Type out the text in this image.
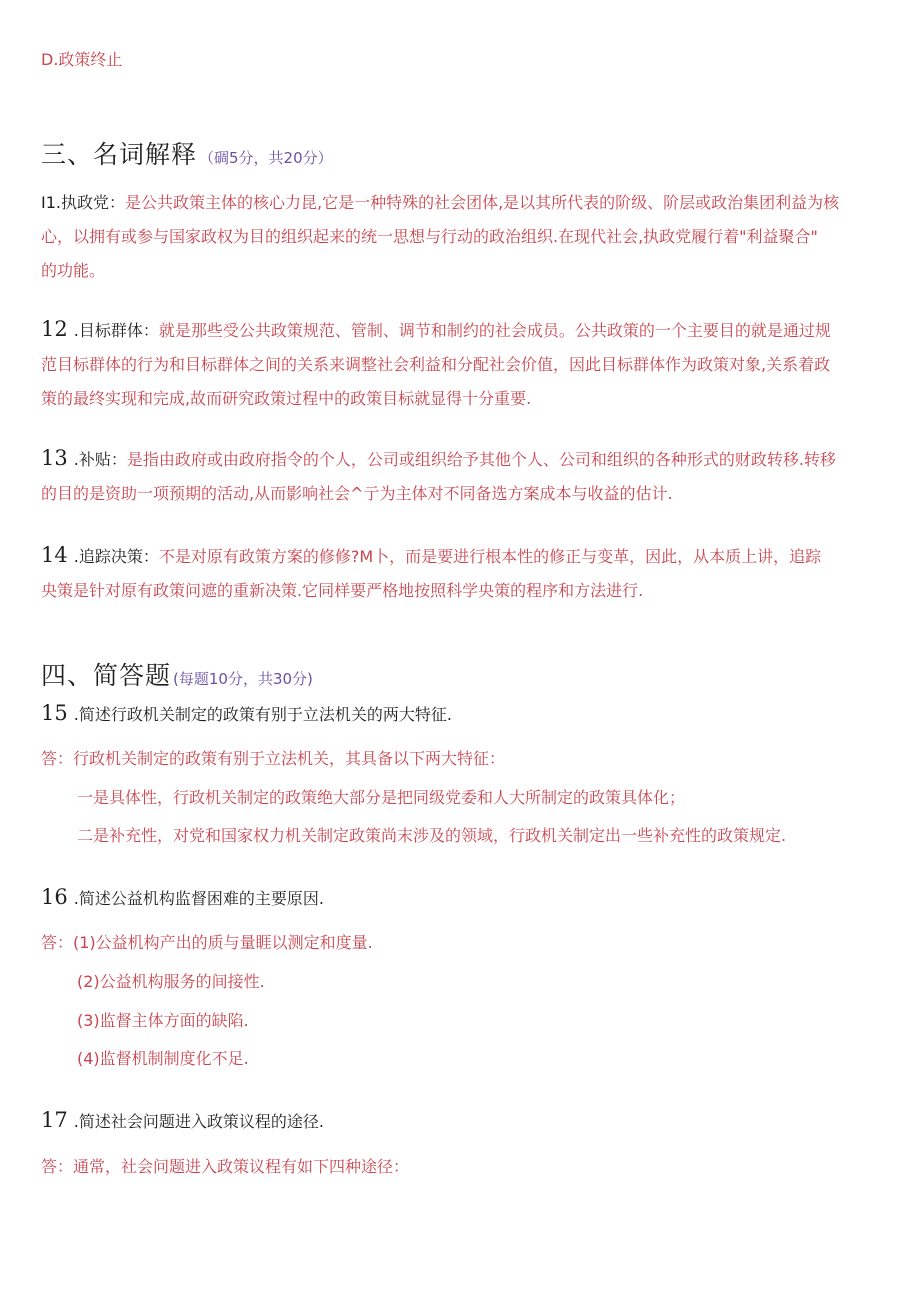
D.政策终止
三、名词解释 （碉5分，共20分）
I1.执政党：是公共政策主体的核心力昆,它是一种特殊的社会团体,是以其所代表的阶级、阶层或政治集团利益为核
心，以拥有或参与国家政权为目的组织起来的统一思想与行动的政治组织.在现代社会,执政党履行着"利益聚合"
的功能。
12 .目标群体：就是那些受公共政策规范、管制、调节和制约的社会成员。公共政策的一个主要目的就是通过规
范目标群体的行为和目标群体之间的关系来调整社会利益和分配社会价值，因此目标群体作为政策对象,关系着政
策的最终实现和完成,故而研究政策过程中的政策目标就显得十分重要.
13 .补贴：是指由政府或由政府指令的个人，公司或组织给予其他个人、公司和组织的各种形式的财政转移.转移
的目的是资助一项预期的活动,从而影响社会^亍为主体对不同备选方案成本与收益的估计.
14 .追踪决策：不是对原有政策方案的修修?M卜，而是要进行根本性的修正与变革，因此，从本质上讲，追踪
央策是针对原有政策问遮的重新决策.它同样要严格地按照科学央策的程序和方法进行.
四、简答题 (每题10分，共30分)
15 .简述行政机关制定的政策有别于立法机关的两大特征.
答：行政机关制定的政策有别于立法机关，其具备以下两大特征：
一是具体性，行政机关制定的政策绝大部分是把同级党委和人大所制定的政策具体化；
二是补充性，对党和国家权力机关制定政策尚末涉及的领域，行政机关制定出一些补充性的政策规定.
16 .简述公益机构监督困难的主要原因.
答：(1)公益机构产出的质与量睚以测定和度量.
(2)公益机构服务的间接性.
(3)监督主体方面的缺陷.
(4)监督机制制度化不足.
17 .简述社会问题进入政策议程的途径.
答：通常，社会问题进入政策议程有如下四种途径：
